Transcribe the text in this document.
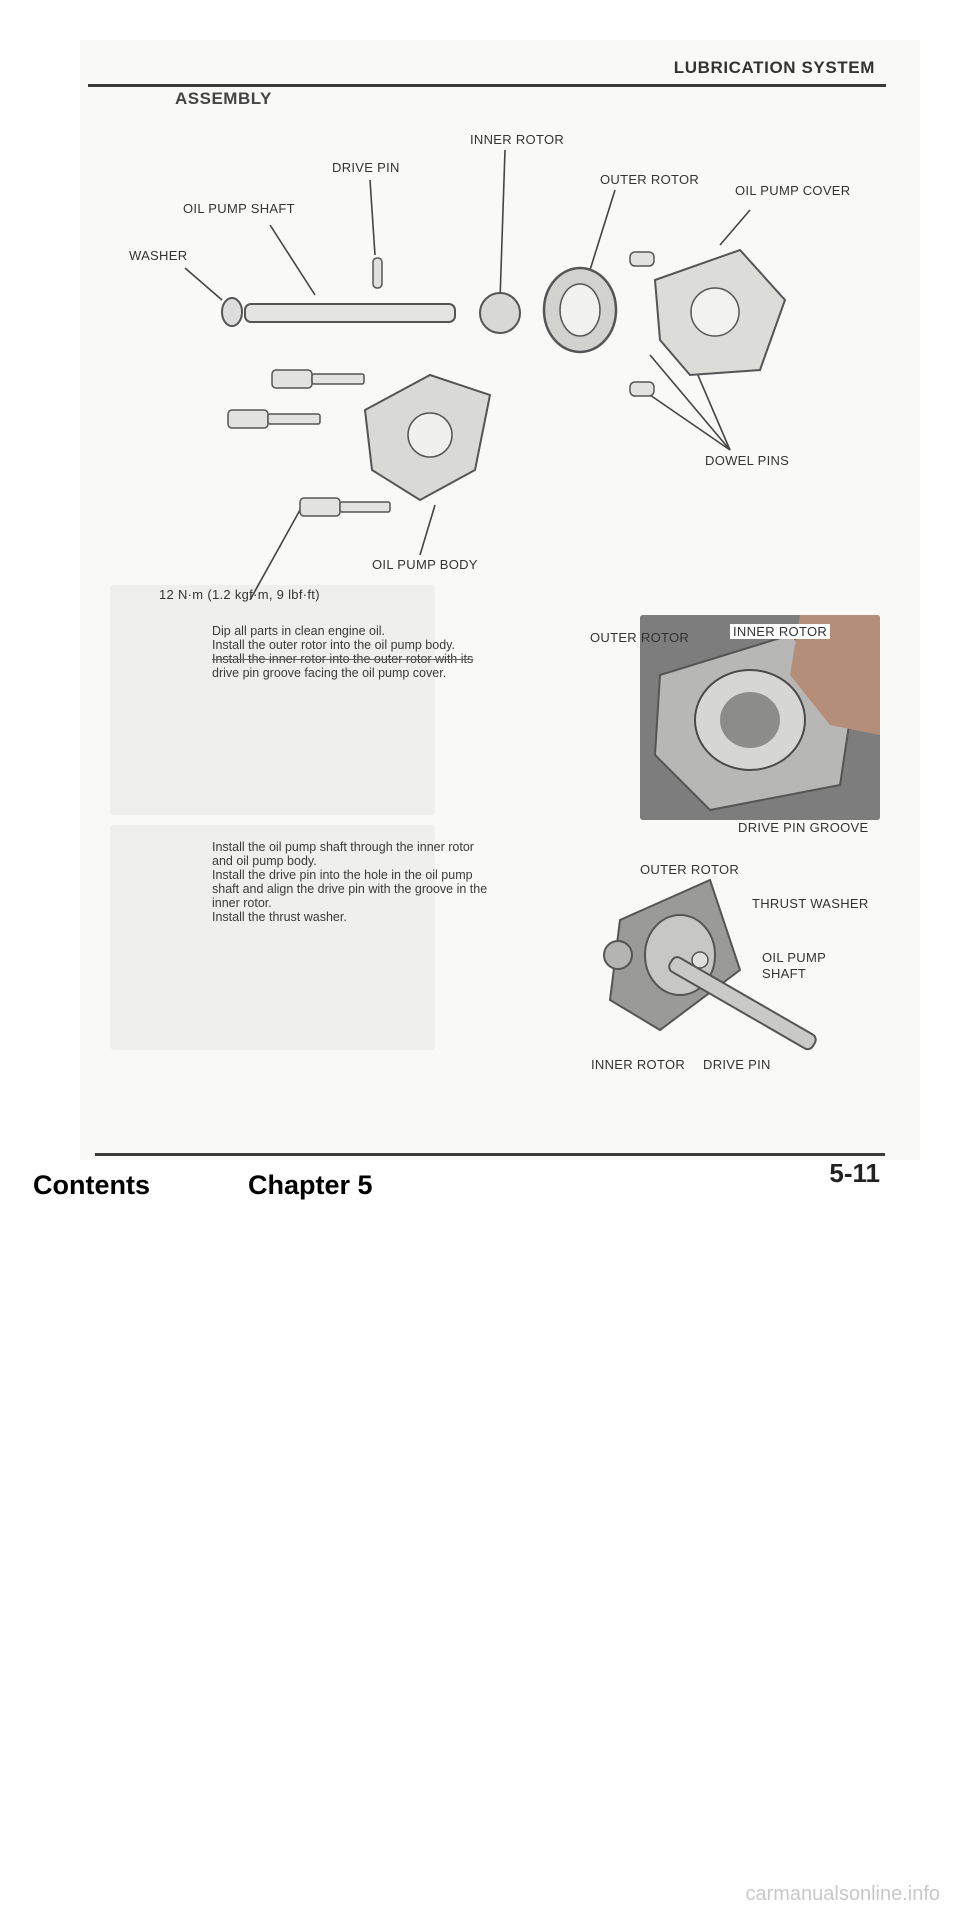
LUBRICATION SYSTEM
ASSEMBLY
INNER ROTOR
DRIVE PIN
OUTER ROTOR
OIL PUMP COVER
OIL PUMP SHAFT
WASHER
DOWEL PINS
OIL PUMP BODY
12 N·m (1.2 kgf·m, 9 lbf·ft)
Dip all parts in clean engine oil.
Install the outer rotor into the oil pump body.
Install the inner rotor into the outer rotor with its
drive pin groove facing the oil pump cover.
OUTER ROTOR	INNER ROTOR
DRIVE PIN GROOVE
Install the oil pump shaft through the inner rotor
and oil pump body.
Install the drive pin into the hole in the oil pump
shaft and align the drive pin with the groove in the
inner rotor.
Install the thrust washer.
OUTER ROTOR
THRUST WASHER
OIL PUMP
SHAFT
INNER ROTOR DRIVE PIN
5-11
Contents	Chapter 5
carmanualsonline.info
